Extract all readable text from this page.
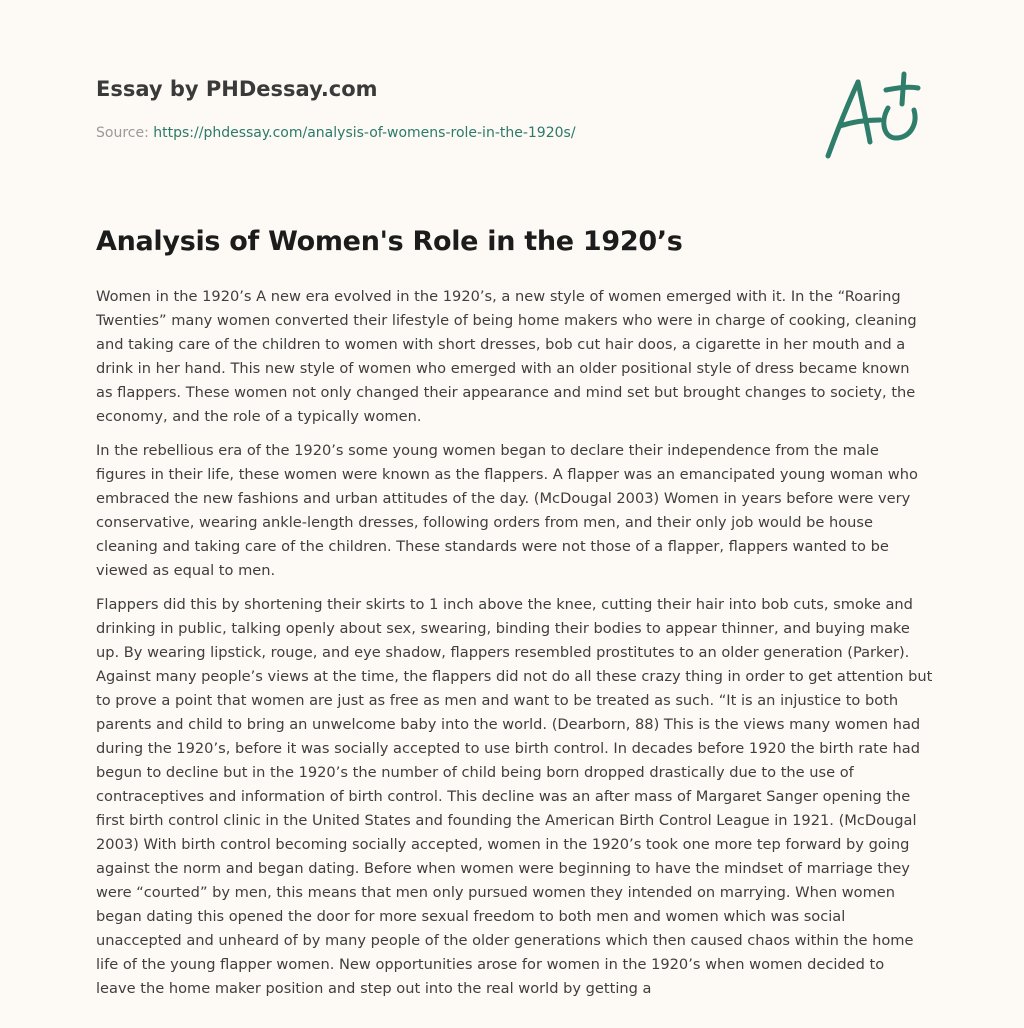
Essay by PHDessay.com
Source: https://phdessay.com/analysis-of-womens-role-in-the-1920s/
Analysis of Women's Role in the 1920’s

Women in the 1920’s A new era evolved in the 1920’s, a new style of women emerged with it. In the “Roaring
Twenties” many women converted their lifestyle of being home makers who were in charge of cooking, cleaning
and taking care of the children to women with short dresses, bob cut hair doos, a cigarette in her mouth and a
drink in her hand. This new style of women who emerged with an older positional style of dress became known
as flappers. These women not only changed their appearance and mind set but brought changes to society, the
economy, and the role of a typically women.

In the rebellious era of the 1920’s some young women began to declare their independence from the male
figures in their life, these women were known as the flappers. A flapper was an emancipated young woman who
embraced the new fashions and urban attitudes of the day. (McDougal 2003) Women in years before were very
conservative, wearing ankle-length dresses, following orders from men, and their only job would be house
cleaning and taking care of the children. These standards were not those of a flapper, flappers wanted to be
viewed as equal to men.

Flappers did this by shortening their skirts to 1 inch above the knee, cutting their hair into bob cuts, smoke and
drinking in public, talking openly about sex, swearing, binding their bodies to appear thinner, and buying make
up. By wearing lipstick, rouge, and eye shadow, flappers resembled prostitutes to an older generation (Parker).
Against many people’s views at the time, the flappers did not do all these crazy thing in order to get attention but
to prove a point that women are just as free as men and want to be treated as such. “It is an injustice to both
parents and child to bring an unwelcome baby into the world. (Dearborn, 88) This is the views many women had
during the 1920’s, before it was socially accepted to use birth control. In decades before 1920 the birth rate had
begun to decline but in the 1920’s the number of child being born dropped drastically due to the use of
contraceptives and information of birth control. This decline was an after mass of Margaret Sanger opening the
first birth control clinic in the United States and founding the American Birth Control League in 1921. (McDougal
2003) With birth control becoming socially accepted, women in the 1920’s took one more tep forward by going
against the norm and began dating. Before when women were beginning to have the mindset of marriage they
were “courted” by men, this means that men only pursued women they intended on marrying. When women
began dating this opened the door for more sexual freedom to both men and women which was social
unaccepted and unheard of by many people of the older generations which then caused chaos within the home
life of the young flapper women. New opportunities arose for women in the 1920’s when women decided to
leave the home maker position and step out into the real world by getting a
